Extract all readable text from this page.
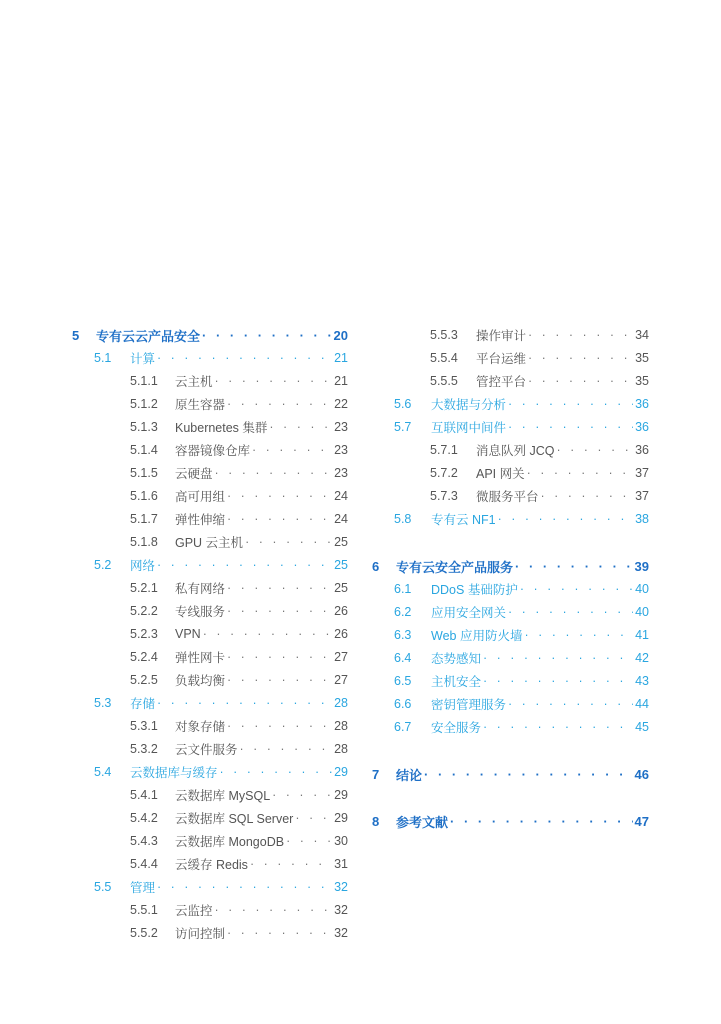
5	专有云云产品安全 · · ·	20
5.1	计算 · · ·	21
5.1.1	云主机 · · ·	21
5.1.2	原生容器 · · ·	22
5.1.3	Kubernetes 集群 · · ·	23
5.1.4	容器镜像仓库 · · ·	23
5.1.5	云硬盘 · · ·	23
5.1.6	高可用组 · · ·	24
5.1.7	弹性伸缩 · · ·	24
5.1.8	GPU 云主机 · · ·	25
5.2	网络 · · ·	25
5.2.1	私有网络 · · ·	25
5.2.2	专线服务 · · ·	26
5.2.3	VPN · · ·	26
5.2.4	弹性网卡 · · ·	27
5.2.5	负载均衡 · · ·	27
5.3	存储 · · ·	28
5.3.1	对象存储 · · ·	28
5.3.2	云文件服务 · · ·	28
5.4	云数据库与缓存 · · ·	29
5.4.1	云数据库 MySQL · · ·	29
5.4.2	云数据库 SQL Server · · ·	29
5.4.3	云数据库 MongoDB · · ·	30
5.4.4	云缓存 Redis · · ·	31
5.5	管理 · · ·	32
5.5.1	云监控 · · ·	32
5.5.2	访问控制 · · ·	32
5.5.3	操作审计 · · ·	34
5.5.4	平台运维 · · ·	35
5.5.5	管控平台 · · ·	35
5.6	大数据与分析 · · ·	36
5.7	互联网中间件 · · ·	36
5.7.1	消息队列 JCQ · · ·	36
5.7.2	API 网关 · · ·	37
5.7.3	微服务平台 · · ·	37
5.8	专有云 NF1 · · ·	38
6	专有云安全产品服务 · · ·	39
6.1	DDoS 基础防护 · · ·	40
6.2	应用安全网关 · · ·	40
6.3	Web 应用防火墙 · · ·	41
6.4	态势感知 · · ·	42
6.5	主机安全 · · ·	43
6.6	密钥管理服务 · · ·	44
6.7	安全服务 · · ·	45
7	结论 · · ·	46
8	参考文献 · · ·	47
